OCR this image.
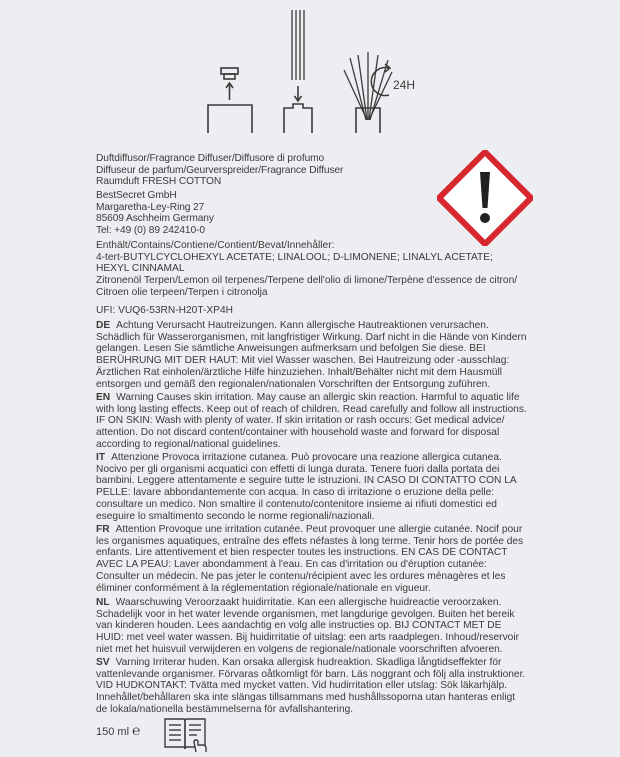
24H

Duftdiffusor/Fragrance Diffuser/Diffusore di profumo

Diffuseur de parfum/Geurverspreider/Fragrance Diffuser

Raumduft FRESH COTTON

BestSecret GmbH

Margaretha-Ley-Ring 27

85609 Aschheim Germany

Tel: +49 (0) 89 242410-0

Enthält/Contains/Contiene/Contient/Bevat/Innehåller:

4-tert-BUTYLCYCLOHEXYL ACETATE; LINALOOL; D-LIMONENE; LINALYL ACETATE;

HEXYL CINNAMAL

Zitronenöl Terpen/Lemon oil terpenes/Terpene dell'olio di limone/Terpène d'essence de citron/

Citroen olie terpeen/Terpen i citronolja

UFI: VUQ6-53RN-H20T-XP4H

DE Achtung Verursacht Hautreizungen. Kann allergische Hautreaktionen verursachen.

Schädlich für Wasserorganismen, mit langfristiger Wirkung. Darf nicht in die Hände von Kindern

gelangen. Lesen Sie sämtliche Anweisungen aufmerksam und befolgen Sie diese. BEI

BERÜHRUNG MIT DER HAUT: Mit viel Wasser waschen. Bei Hautreizung oder -ausschlag:

Ärztlichen Rat einholen/ärztliche Hilfe hinzuziehen. Inhalt/Behälter nicht mit dem Hausmüll

entsorgen und gemäß den regionalen/nationalen Vorschriften der Entsorgung zuführen.

EN Warning Causes skin irritation. May cause an allergic skin reaction. Harmful to aquatic life

with long lasting effects. Keep out of reach of children. Read carefully and follow all instructions.

IF ON SKIN: Wash with plenty of water. If skin irritation or rash occurs: Get medical advice/

attention. Do not discard content/container with household waste and forward for disposal

according to regional/national guidelines.

IT Attenzione Provoca irritazione cutanea. Può provocare una reazione allergica cutanea.

Nocivo per gli organismi acquatici con effetti di lunga durata. Tenere fuori dalla portata dei

bambini. Leggere attentamente e seguire tutte le istruzioni. IN CASO DI CONTATTO CON LA

PELLE: lavare abbondantemente con acqua. In caso di irritazione o eruzione della pelle:

consultare un medico. Non smaltire il contenuto/contenitore insieme ai rifiuti domestici ed

eseguire lo smaltimento secondo le norme regionali/nazionali.

FR Attention Provoque une irritation cutanée. Peut provoquer une allergie cutanée. Nocif pour

les organismes aquatiques, entraîne des effets néfastes à long terme. Tenir hors de portée des

enfants. Lire attentivement et bien respecter toutes les instructions. EN CAS DE CONTACT

AVEC LA PEAU: Laver abondamment à l'eau. En cas d'irritation ou d'éruption cutanée:

Consulter un médecin. Ne pas jeter le contenu/récipient avec les ordures ménagères et les

éliminer conformément à la réglementation régionale/nationale en vigueur.

NL Waarschuwing Veroorzaakt huidirritatie. Kan een allergische huidreactie veroorzaken.

Schadelijk voor in het water levende organismen, met langdurige gevolgen. Buiten het bereik

van kinderen houden. Lees aandachtig en volg alle instructies op. BIJ CONTACT MET DE

HUID: met veel water wassen. Bij huidirritatie of uitslag: een arts raadplegen. Inhoud/reservoir

niet met het huisvuil verwijderen en volgens de regionale/nationale voorschriften afvoeren.

SV Varning Irriterar huden. Kan orsaka allergisk hudreaktion. Skadliga långtidseffekter för

vattenlevande organismer. Förvaras oåtkomligt för barn. Läs noggrant och följ alla instruktioner.

VID HUDKONTAKT: Tvätta med mycket vatten. Vid hudirritation eller utslag: Sök läkarhjälp.

Innehållet/behållaren ska inte slängas tillsammans med hushållssoporna utan hanteras enligt

de lokala/nationella bestämmelserna för avfallshantering.

150 ml ℮
